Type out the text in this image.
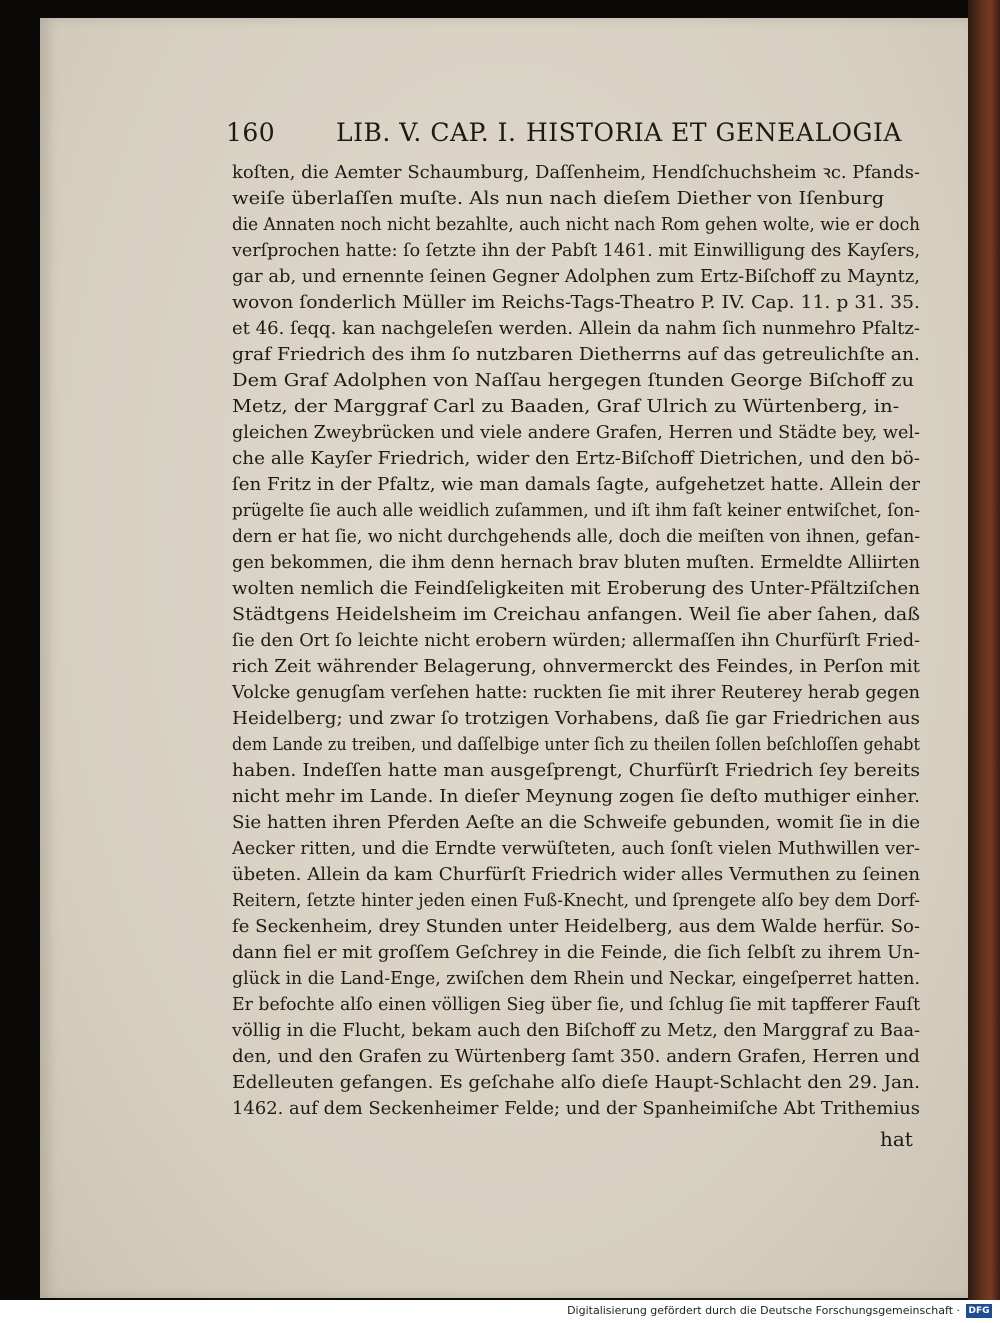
160 LIB. V. CAP. I. HISTORIA ET GENEALOGIA
koſten, die Aemter Schaumburg, Daſſenheim, Hendſchuchsheim ꝛc. Pfands-
weiſe überlaſſen muſte. Als nun nach dieſem Diether von Iſenburg
die Annaten noch nicht bezahlte, auch nicht nach Rom gehen wolte, wie er doch
verſprochen hatte: ſo ſetzte ihn der Pabſt 1461. mit Einwilligung des Kayſers,
gar ab, und ernennte ſeinen Gegner Adolphen zum Ertz-Biſchoff zu Mayntz,
wovon ſonderlich Müller im Reichs-Tags-Theatro P. IV. Cap. 11. p 31. 35.
et 46. ſeqq. kan nachgeleſen werden. Allein da nahm ſich nunmehro Pfaltz-
graf Friedrich des ihm ſo nutzbaren Dietherrns auf das getreulichſte an.
Dem Graf Adolphen von Naſſau hergegen ſtunden George Biſchoff zu
Metz, der Marggraf Carl zu Baaden, Graf Ulrich zu Würtenberg, in-
gleichen Zweybrücken und viele andere Grafen, Herren und Städte bey, wel-
che alle Kayſer Friedrich, wider den Ertz-Biſchoff Dietrichen, und den bö-
ſen Fritz in der Pfaltz, wie man damals ſagte, aufgehetzet hatte. Allein der
prügelte ſie auch alle weidlich zuſammen, und iſt ihm faſt keiner entwiſchet, ſon-
dern er hat ſie, wo nicht durchgehends alle, doch die meiſten von ihnen, gefan-
gen bekommen, die ihm denn hernach brav bluten muſten. Ermeldte Alliirten
wolten nemlich die Feindſeligkeiten mit Eroberung des Unter-Pfältziſchen
Städtgens Heidelsheim im Creichau anfangen. Weil ſie aber ſahen, daß
ſie den Ort ſo leichte nicht erobern würden; allermaſſen ihn Churfürſt Fried-
rich Zeit währender Belagerung, ohnvermerckt des Feindes, in Perſon mit
Volcke genugſam verſehen hatte: ruckten ſie mit ihrer Reuterey herab gegen
Heidelberg; und zwar ſo trotzigen Vorhabens, daß ſie gar Friedrichen aus
dem Lande zu treiben, und daſſelbige unter ſich zu theilen ſollen beſchloſſen gehabt
haben. Indeſſen hatte man ausgeſprengt, Churfürſt Friedrich ſey bereits
nicht mehr im Lande. In dieſer Meynung zogen ſie deſto muthiger einher.
Sie hatten ihren Pferden Aeſte an die Schweife gebunden, womit ſie in die
Aecker ritten, und die Erndte verwüſteten, auch ſonſt vielen Muthwillen ver-
übeten. Allein da kam Churfürſt Friedrich wider alles Vermuthen zu ſeinen
Reitern, ſetzte hinter jeden einen Fuß-Knecht, und ſprengete alſo bey dem Dorf-
fe Seckenheim, drey Stunden unter Heidelberg, aus dem Walde herfür. So-
dann fiel er mit groſſem Geſchrey in die Feinde, die ſich ſelbſt zu ihrem Un-
glück in die Land-Enge, zwiſchen dem Rhein und Neckar, eingeſperret hatten.
Er befochte alſo einen völligen Sieg über ſie, und ſchlug ſie mit tapfferer Fauſt
völlig in die Flucht, bekam auch den Biſchoff zu Metz, den Marggraf zu Baa-
den, und den Grafen zu Würtenberg ſamt 350. andern Grafen, Herren und
Edelleuten gefangen. Es geſchahe alſo dieſe Haupt-Schlacht den 29. Jan.
1462. auf dem Seckenheimer Felde; und der Spanheimiſche Abt Trithemius
hat
Digitalisierung gefördert durch die Deutsche Forschungsgemeinschaft · DFG
